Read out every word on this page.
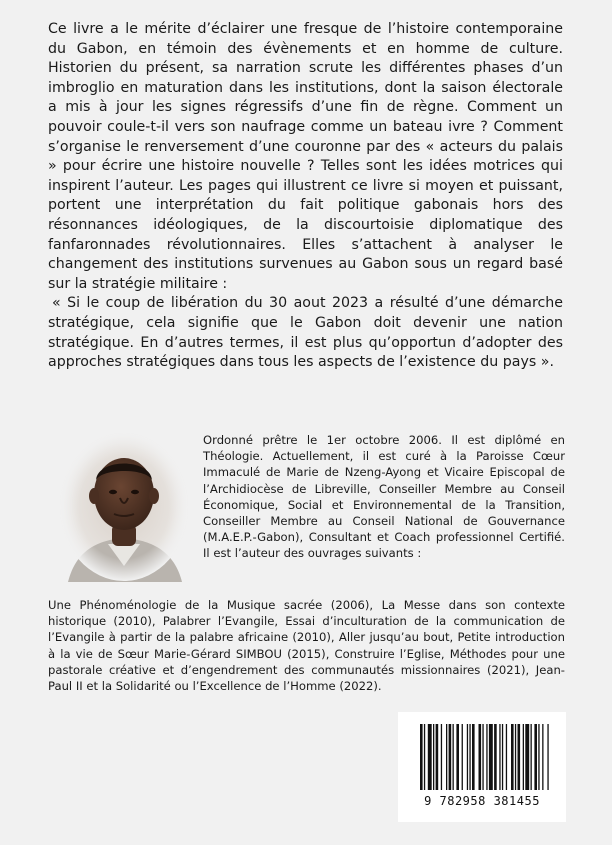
Ce livre a le mérite d’éclairer une fresque de l’histoire contemporaine du Gabon, en témoin des évènements et en homme de culture. Historien du présent, sa narration scrute les différentes phases d’un imbroglio en maturation dans les institutions, dont la saison électorale a mis à jour les signes régressifs d’une fin de règne. Comment un pouvoir coule-t-il vers son naufrage comme un bateau ivre ? Comment s’organise le renversement d’une couronne par des « acteurs du palais » pour écrire une histoire nouvelle ? Telles sont les idées motrices qui inspirent l’auteur. Les pages qui illustrent ce livre si moyen et puissant, portent une interprétation du fait politique gabonais hors des résonnances idéologiques, de la discourtoisie diplomatique des fanfaronnades révolutionnaires. Elles s’attachent à analyser le changement des institutions survenues au Gabon sous un regard basé sur la stratégie militaire :

« Si le coup de libération du 30 aout 2023 a résulté d’une démarche stratégique, cela signifie que le Gabon doit devenir une nation stratégique. En d’autres termes, il est plus qu’opportun d’adopter des approches stratégiques dans tous les aspects de l’existence du pays ».

Ordonné prêtre le 1er octobre 2006. Il est diplômé en Théologie. Actuellement, il est curé à la Paroisse Cœur Immaculé de Marie de Nzeng-Ayong et Vicaire Episcopal de l’Archidiocèse de Libreville, Conseiller Membre au Conseil Économique, Social et Environnemental de la Transition, Conseiller Membre au Conseil National de Gouvernance (M.A.E.P.-Gabon), Consultant et Coach professionnel Certifié. Il est l’auteur des ouvrages suivants :

Une Phénoménologie de la Musique sacrée (2006), La Messe dans son contexte historique (2010), Palabrer l’Evangile, Essai d’inculturation de la communication de l’Evangile à partir de la palabre africaine (2010), Aller jusqu’au bout, Petite introduction à la vie de Sœur Marie-Gérard SIMBOU (2015), Construire l’Eglise, Méthodes pour une pastorale créative et d’engendrement des communautés missionnaires (2021), Jean-Paul II et la Solidarité ou l’Excellence de l’Homme (2022).

9 782958 381455
